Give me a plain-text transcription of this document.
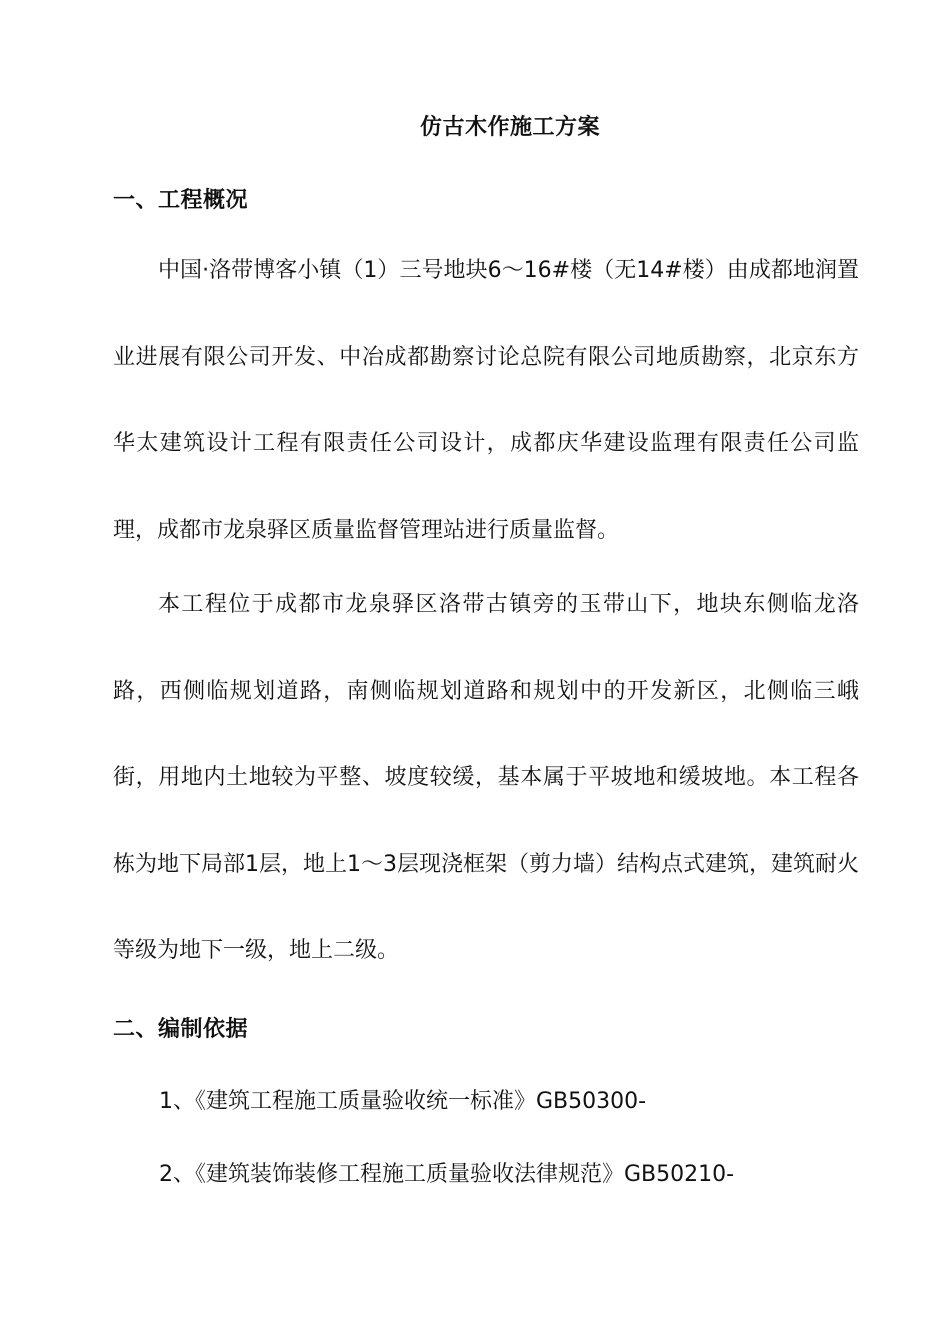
仿古木作施工方案
一、工程概况

中国·洛带博客小镇（1）三号地块6～16#楼（无14#楼）由成都地润置业进展有限公司开发、中冶成都勘察讨论总院有限公司地质勘察，北京东方华太建筑设计工程有限责任公司设计，成都庆华建设监理有限责任公司监理，成都市龙泉驿区质量监督管理站进行质量监督。

本工程位于成都市龙泉驿区洛带古镇旁的玉带山下，地块东侧临龙洛路，西侧临规划道路，南侧临规划道路和规划中的开发新区，北侧临三峨街，用地内土地较为平整、坡度较缓，基本属于平坡地和缓坡地。本工程各栋为地下局部1层，地上1～3层现浇框架（剪力墙）结构点式建筑，建筑耐火等级为地下一级，地上二级。

二、编制依据
1、《建筑工程施工质量验收统一标准》GB50300-
2、《建筑装饰装修工程施工质量验收法律规范》GB50210-
